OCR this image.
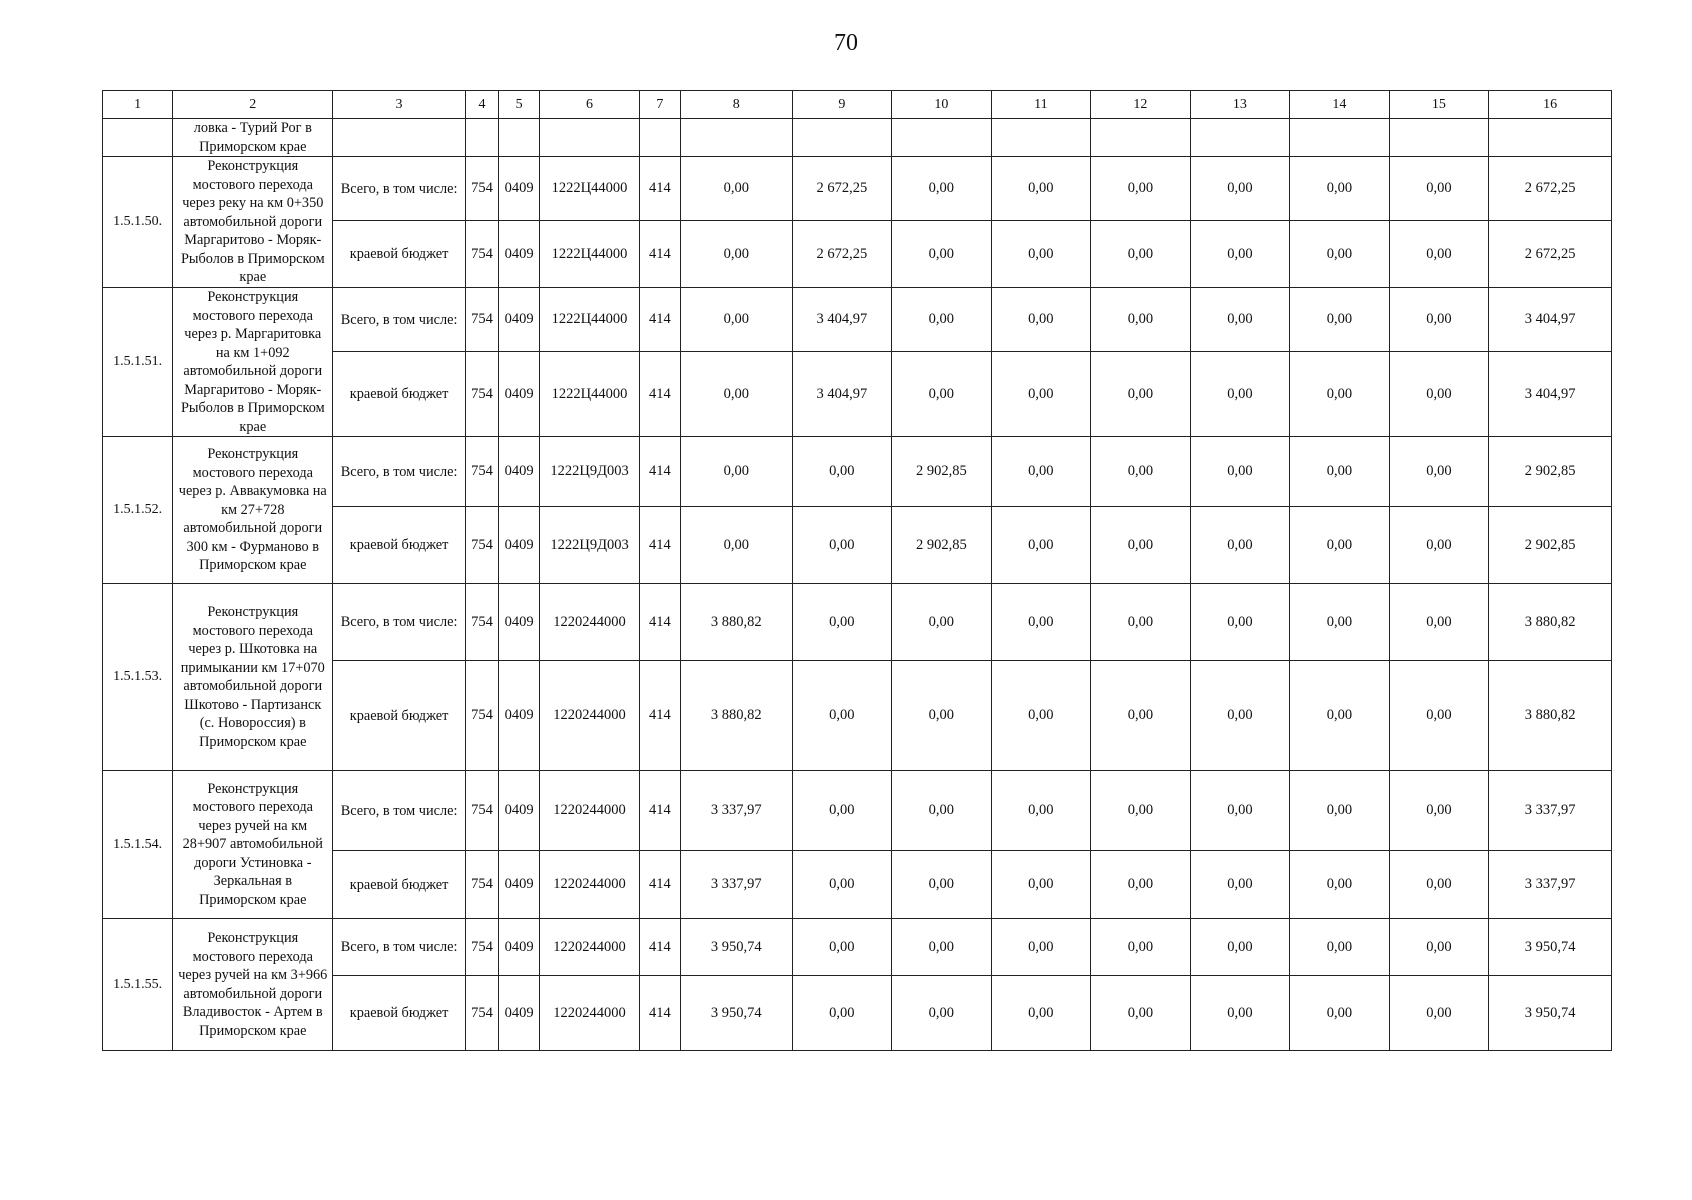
70
1	2	3	4	5	6	7	8	9	10	11	12	13	14	15	16
	ловка - Турий Рог в Приморском крае														
1.5.1.50.	Реконструкция мостового перехода через реку на км 0+350 автомобильной дороги Маргаритово - Моряк-Рыболов в Приморском крае	Всего, в том числе:	754	0409	1222Ц44000	414	0,00	2 672,25	0,00	0,00	0,00	0,00	0,00	0,00	2 672,25
		краевой бюджет	754	0409	1222Ц44000	414	0,00	2 672,25	0,00	0,00	0,00	0,00	0,00	0,00	2 672,25
1.5.1.51.	Реконструкция мостового перехода через р. Маргаритовка на км 1+092 автомобильной дороги Маргаритово - Моряк-Рыболов в Приморском крае	Всего, в том числе:	754	0409	1222Ц44000	414	0,00	3 404,97	0,00	0,00	0,00	0,00	0,00	0,00	3 404,97
		краевой бюджет	754	0409	1222Ц44000	414	0,00	3 404,97	0,00	0,00	0,00	0,00	0,00	0,00	3 404,97
1.5.1.52.	Реконструкция мостового перехода через р. Аввакумовка на км 27+728 автомобильной дороги 300 км - Фурманово в Приморском крае	Всего, в том числе:	754	0409	1222Ц9Д003	414	0,00	0,00	2 902,85	0,00	0,00	0,00	0,00	0,00	2 902,85
		краевой бюджет	754	0409	1222Ц9Д003	414	0,00	0,00	2 902,85	0,00	0,00	0,00	0,00	0,00	2 902,85
1.5.1.53.	Реконструкция мостового перехода через р. Шкотовка на примыкании км 17+070 автомобильной дороги Шкотово - Партизанск (с. Новороссия) в Приморском крае	Всего, в том числе:	754	0409	1220244000	414	3 880,82	0,00	0,00	0,00	0,00	0,00	0,00	0,00	3 880,82
		краевой бюджет	754	0409	1220244000	414	3 880,82	0,00	0,00	0,00	0,00	0,00	0,00	0,00	3 880,82
1.5.1.54.	Реконструкция мостового перехода через ручей на км 28+907 автомобильной дороги Устиновка - Зеркальная в Приморском крае	Всего, в том числе:	754	0409	1220244000	414	3 337,97	0,00	0,00	0,00	0,00	0,00	0,00	0,00	3 337,97
		краевой бюджет	754	0409	1220244000	414	3 337,97	0,00	0,00	0,00	0,00	0,00	0,00	0,00	3 337,97
1.5.1.55.	Реконструкция мостового перехода через ручей на км 3+966 автомобильной дороги Владивосток - Артем в Приморском крае	Всего, в том числе:	754	0409	1220244000	414	3 950,74	0,00	0,00	0,00	0,00	0,00	0,00	0,00	3 950,74
		краевой бюджет	754	0409	1220244000	414	3 950,74	0,00	0,00	0,00	0,00	0,00	0,00	0,00	3 950,74
